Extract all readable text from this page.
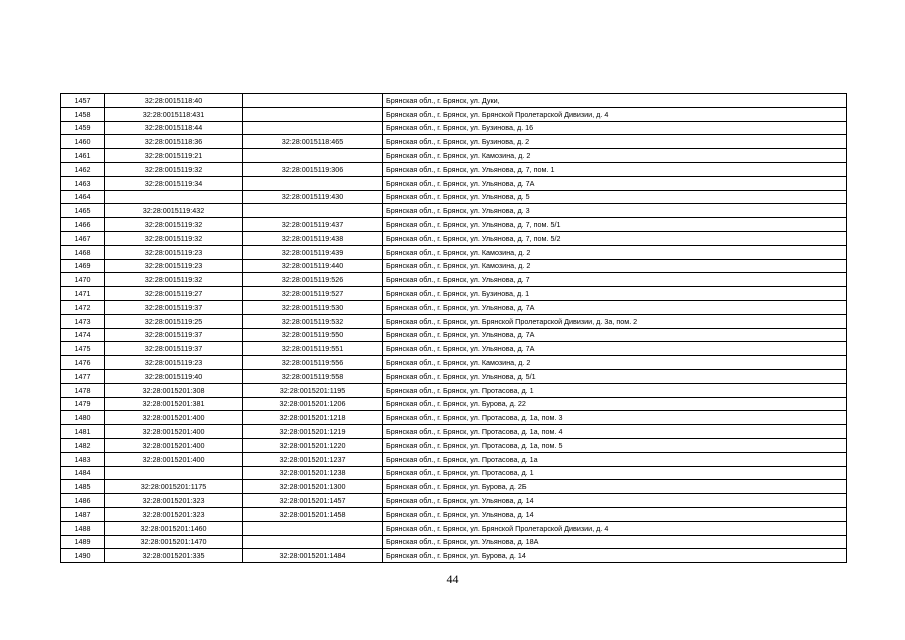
1457	32:28:0015118:40		Брянская обл., г. Брянск, ул. Дуки,
1458	32:28:0015118:431		Брянская обл., г. Брянск, ул. Брянской Пролетарской Дивизии, д. 4
1459	32:28:0015118:44		Брянская обл., г. Брянск, ул. Бузинова, д. 16
1460	32:28:0015118:36	32:28:0015118:465	Брянская обл., г. Брянск, ул. Бузинова, д. 2
1461	32:28:0015119:21		Брянская обл., г. Брянск, ул. Камозина, д. 2
1462	32:28:0015119:32	32:28:0015119:306	Брянская обл., г. Брянск, ул. Ульянова, д. 7, пом. 1
1463	32:28:0015119:34		Брянская обл., г. Брянск, ул. Ульянова, д. 7А
1464		32:28:0015119:430	Брянская обл., г. Брянск, ул. Ульянова, д. 5
1465	32:28:0015119:432		Брянская обл., г. Брянск, ул. Ульянова, д. 3
1466	32:28:0015119:32	32:28:0015119:437	Брянская обл., г. Брянск, ул. Ульянова, д. 7, пом. 5/1
1467	32:28:0015119:32	32:28:0015119:438	Брянская обл., г. Брянск, ул. Ульянова, д. 7, пом. 5/2
1468	32:28:0015119:23	32:28:0015119:439	Брянская обл., г. Брянск, ул. Камозина, д. 2
1469	32:28:0015119:23	32:28:0015119:440	Брянская обл., г. Брянск, ул. Камозина, д. 2
1470	32:28:0015119:32	32:28:0015119:526	Брянская обл., г. Брянск, ул. Ульянова, д. 7
1471	32:28:0015119:27	32:28:0015119:527	Брянская обл., г. Брянск, ул. Бузинова, д. 1
1472	32:28:0015119:37	32:28:0015119:530	Брянская обл., г. Брянск, ул. Ульянова, д. 7А
1473	32:28:0015119:25	32:28:0015119:532	Брянская обл., г. Брянск, ул. Брянской Пролетарской Дивизии, д. 3а, пом. 2
1474	32:28:0015119:37	32:28:0015119:550	Брянская обл., г. Брянск, ул. Ульянова, д. 7А
1475	32:28:0015119:37	32:28:0015119:551	Брянская обл., г. Брянск, ул. Ульянова, д. 7А
1476	32:28:0015119:23	32:28:0015119:556	Брянская обл., г. Брянск, ул. Камозина, д. 2
1477	32:28:0015119:40	32:28:0015119:558	Брянская обл., г. Брянск, ул. Ульянова, д. 5/1
1478	32:28:0015201:308	32:28:0015201:1195	Брянская обл., г. Брянск, ул. Протасова, д. 1
1479	32:28:0015201:381	32:28:0015201:1206	Брянская обл., г. Брянск, ул. Бурова, д. 22
1480	32:28:0015201:400	32:28:0015201:1218	Брянская обл., г. Брянск, ул. Протасова, д. 1а, пом. 3
1481	32:28:0015201:400	32:28:0015201:1219	Брянская обл., г. Брянск, ул. Протасова, д. 1а, пом. 4
1482	32:28:0015201:400	32:28:0015201:1220	Брянская обл., г. Брянск, ул. Протасова, д. 1а, пом. 5
1483	32:28:0015201:400	32:28:0015201:1237	Брянская обл., г. Брянск, ул. Протасова, д. 1а
1484		32:28:0015201:1238	Брянская обл., г. Брянск, ул. Протасова, д. 1
1485	32:28:0015201:1175	32:28:0015201:1300	Брянская обл., г. Брянск, ул. Бурова, д. 2Б
1486	32:28:0015201:323	32:28:0015201:1457	Брянская обл., г. Брянск, ул. Ульянова, д. 14
1487	32:28:0015201:323	32:28:0015201:1458	Брянская обл., г. Брянск, ул. Ульянова, д. 14
1488	32:28:0015201:1460		Брянская обл., г. Брянск, ул. Брянской Пролетарской Дивизии, д. 4
1489	32:28:0015201:1470		Брянская обл., г. Брянск, ул. Ульянова, д. 18А
1490	32:28:0015201:335	32:28:0015201:1484	Брянская обл., г. Брянск, ул. Бурова, д. 14
44
